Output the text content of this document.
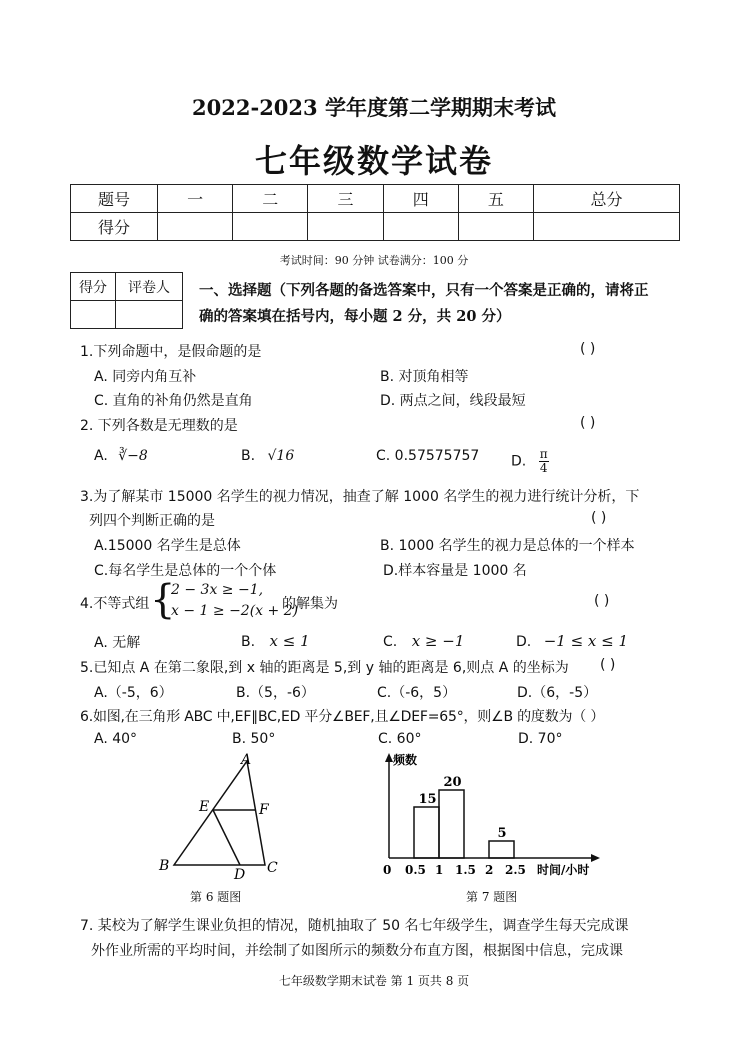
2022-2023 学年度第二学期期末考试
七年级数学试卷
题号	一	二	三	四	五	总分
得分						
考试时间：90 分钟 试卷满分：100 分
得分	评卷人
	一、选择题（下列各题的备选答案中，只有一个答案是正确的，请将正
确的答案填在括号内，每小题 2 分，共 20 分）
1.下列命题中，是假命题的是	( )
A. 同旁内角互补	B. 对顶角相等
C. 直角的补角仍然是直角	D. 两点之间，线段最短
2. 下列各数是无理数的是	( )
A. ∛−8	B. √16	C. 0.57575757 D. $\frac{\pi}{4}$
3.为了解某市 15000 名学生的视力情况，抽查了解 1000 名学生的视力进行统计分析，下
列四个判断正确的是	( )
A.15000 名学生是总体	B. 1000 名学生的视力是总体的一个样本
C.每名学生是总体的一个个体	D.样本容量是 1000 名
4.不等式组 {
2 − 3x ≥ −1,
x − 1 ≥ −2(x + 2)
的解集为	( )
A. 无解	B. x ≤ 1	C. x ≥ −1	D. −1 ≤ x ≤ 1
5.已知点 A 在第二象限,到 x 轴的距离是 5,到 y 轴的距离是 6,则点 A 的坐标为 ( )
A.（-5，6）	B.（5，-6）	C.（-6，5）	D.（6，-5）
6.如图,在三角形 ABC 中,EF∥BC,ED 平分∠BEF,且∠DEF=65°，则∠B 的度数为（ ）
A. 40°	B. 50°	C. 60°	D. 70°
A
B	C
D
E	F
第 6 题图
频数
时间/小时
0 0.5 1 1.5 2 2.5
15
20
5
第 7 题图
7. 某校为了解学生课业负担的情况，随机抽取了 50 名七年级学生，调查学生每天完成课
外作业所需的平均时间，并绘制了如图所示的频数分布直方图，根据图中信息，完成课
七年级数学期末试卷 第 1 页共 8 页
